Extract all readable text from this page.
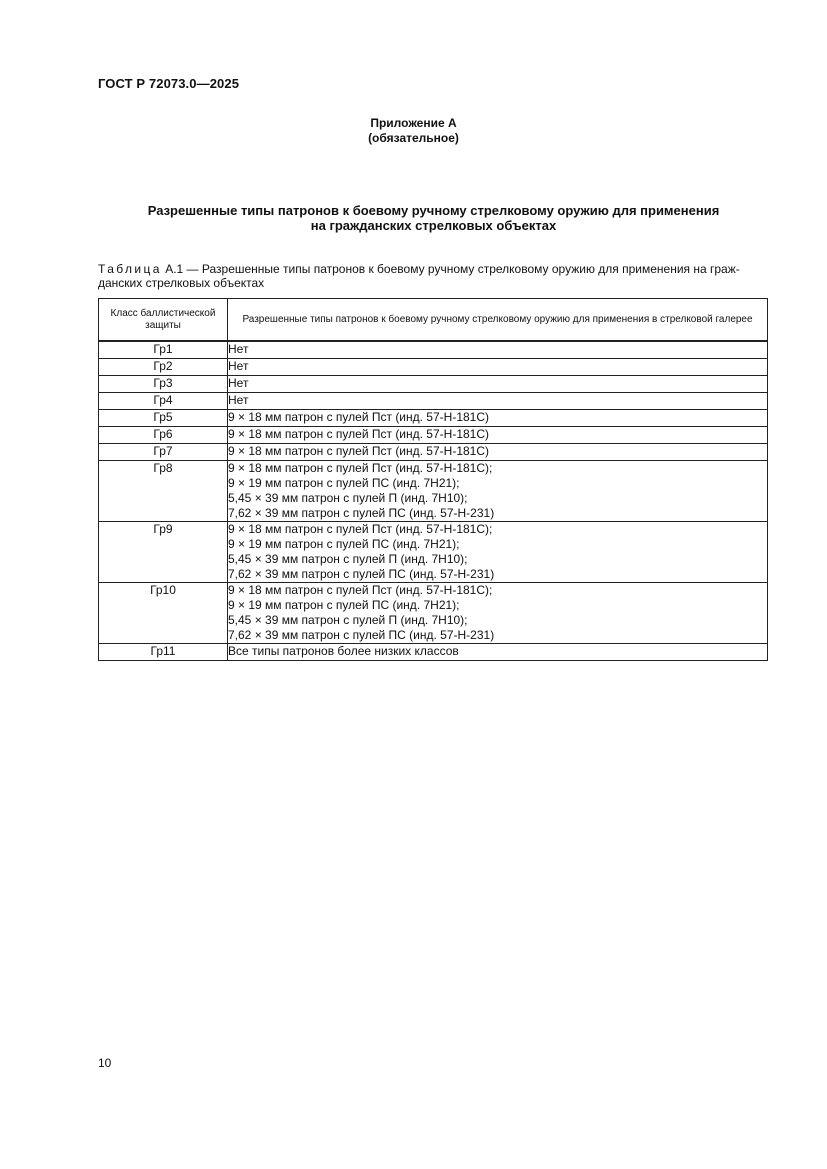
ГОСТ Р 72073.0—2025
Приложение А
(обязательное)
Разрешенные типы патронов к боевому ручному стрелковому оружию для применения
на гражданских стрелковых объектах
Таблица А.1 — Разрешенные типы патронов к боевому ручному стрелковому оружию для применения на граж-данских стрелковых объектах
Класс баллистической защиты	Разрешенные типы патронов к боевому ручному стрелковому оружию для применения в стрелковой галерее
Гр1	Нет

Гр2	Нет

Гр3	Нет

Гр4	Нет

Гр5	9 × 18 мм патрон с пулей Пст (инд. 57-Н-181С)

Гр6	9 × 18 мм патрон с пулей Пст (инд. 57-Н-181С)

Гр7	9 × 18 мм патрон с пулей Пст (инд. 57-Н-181С)

Гр8	9 × 18 мм патрон с пулей Пст (инд. 57-Н-181С);
9 × 19 мм патрон с пулей ПС (инд. 7Н21);
5,45 × 39 мм патрон с пулей П (инд. 7Н10);
7,62 × 39 мм патрон с пулей ПС (инд. 57-Н-231)

Гр9	9 × 18 мм патрон с пулей Пст (инд. 57-Н-181С);
9 × 19 мм патрон с пулей ПС (инд. 7Н21);
5,45 × 39 мм патрон с пулей П (инд. 7Н10);
7,62 × 39 мм патрон с пулей ПС (инд. 57-Н-231)

Гр10	9 × 18 мм патрон с пулей Пст (инд. 57-Н-181С);
9 × 19 мм патрон с пулей ПС (инд. 7Н21);
5,45 × 39 мм патрон с пулей П (инд. 7Н10);
7,62 × 39 мм патрон с пулей ПС (инд. 57-Н-231)

Гр11	Все типы патронов более низких классов
10
